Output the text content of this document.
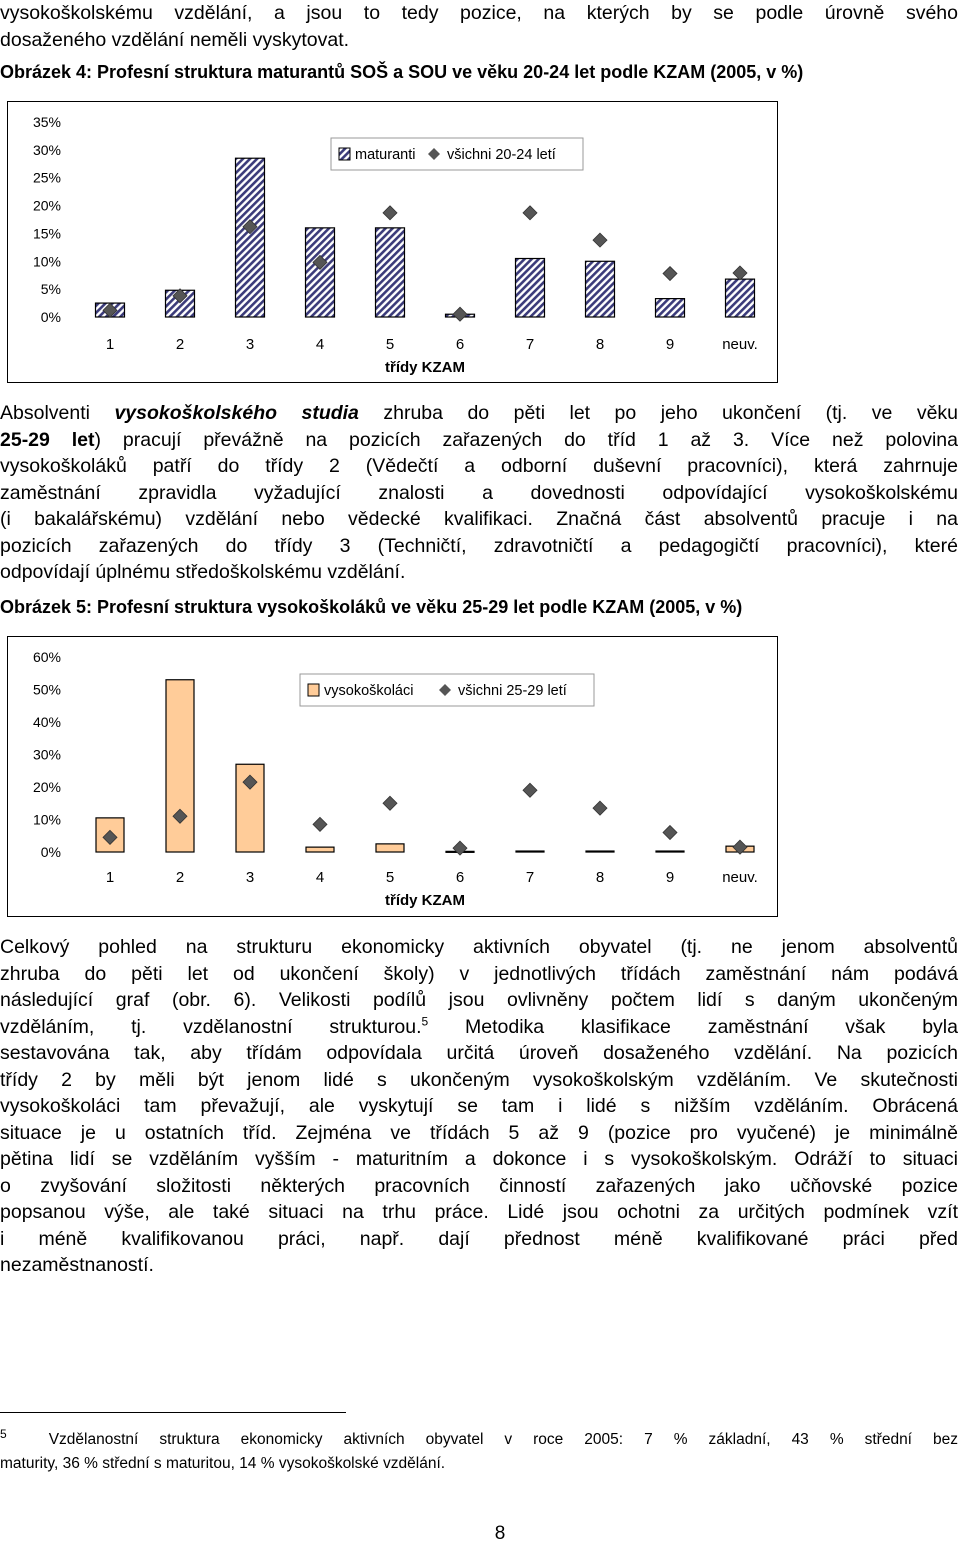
vysokoškolskému vzdělání, a jsou to tedy pozice, na kterých by se podle úrovně svého
dosaženého vzdělání neměli vyskytovat.
Obrázek 4: Profesní struktura maturantů SOŠ a SOU ve věku 20-24 let podle KZAM (2005, v %)
0%
5%
10%
15%
20%
25%
30%
35%
1	2	3	4	5	6	7	8	9	neuv.
třídy KZAM
maturanti všichni 20-24 letí
Absolventi vysokoškolského studia zhruba do pěti let po jeho ukončení (tj. ve věku
25-29 let) pracují převážně na pozicích zařazených do tříd 1 až 3. Více než polovina
vysokoškoláků patří do třídy 2 (Vědečtí a odborní duševní pracovníci), která zahrnuje
zaměstnání zpravidla vyžadující znalosti a dovednosti odpovídající vysokoškolskému
(i bakalářskému) vzdělání nebo vědecké kvalifikaci. Značná část absolventů pracuje i na
pozicích zařazených do třídy 3 (Techničtí, zdravotničtí a pedagogičtí pracovníci), které
odpovídají úplnému středoškolskému vzdělání.
Obrázek 5: Profesní struktura vysokoškoláků ve věku 25-29 let podle KZAM (2005, v %)
0%
10%
20%
30%
40%
50%
60%
1	2	3	4	5	6	7	8	9	neuv.
třídy KZAM
vysokoškoláci	všichni 25-29 letí
Celkový pohled na strukturu ekonomicky aktivních obyvatel (tj. ne jenom absolventů
zhruba do pěti let od ukončení školy) v jednotlivých třídách zaměstnání nám podává
následující graf (obr. 6). Velikosti podílů jsou ovlivněny počtem lidí s daným ukončeným
vzděláním, tj. vzdělanostní strukturou.$^5$ Metodika klasifikace zaměstnání však byla
sestavována tak, aby třídám odpovídala určitá úroveň dosaženého vzdělání. Na pozicích
třídy 2 by měli být jenom lidé s ukončeným vysokoškolským vzděláním. Ve skutečnosti
vysokoškoláci tam převažují, ale vyskytují se tam i lidé s nižším vzděláním. Obrácená
situace je u ostatních tříd. Zejména ve třídách 5 až 9 (pozice pro vyučené) je minimálně
pětina lidí se vzděláním vyšším - maturitním a dokonce i s vysokoškolským. Odráží to situaci
o zvyšování složitosti některých pracovních činností zařazených jako učňovské pozice
popsanou výše, ale také situaci na trhu práce. Lidé jsou ochotni za určitých podmínek vzít
i méně kvalifikovanou práci, např. dají přednost méně kvalifikované práci před
nezaměstnaností.
$^5$	Vzdělanostní struktura ekonomicky aktivních obyvatel v roce 2005: 7 % základní, 43 % střední bez
maturity, 36 % střední s maturitou, 14 % vysokoškolské vzdělání.
8
